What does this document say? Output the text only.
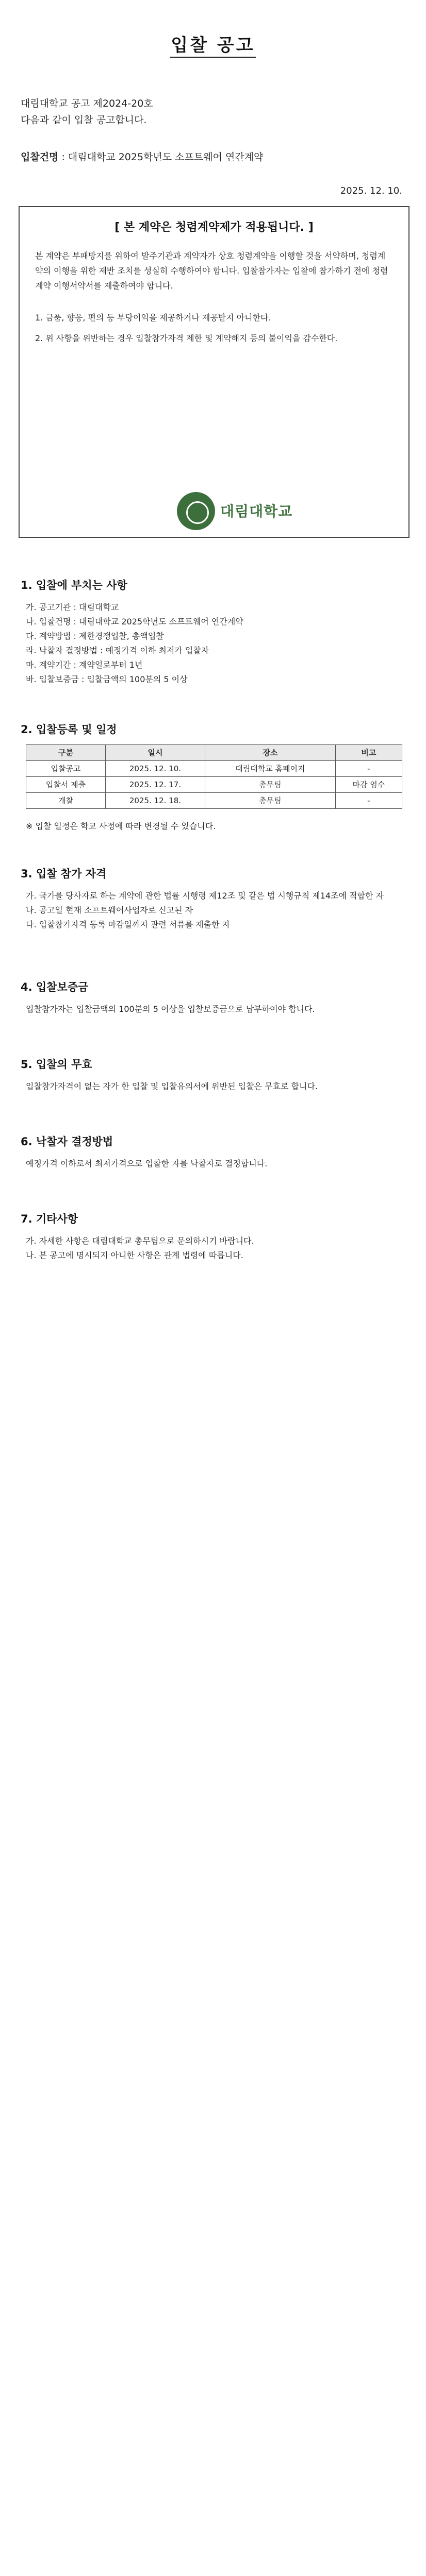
입찰 공고
대림대학교 공고 제2024-20호
다음과 같이 입찰 공고합니다.
입찰건명 : 대림대학교 2025학년도 소프트웨어 연간계약
2025. 12. 10.
[ 본 계약은 청렴계약제가 적용됩니다. ]
본 계약은 부패방지를 위하여 발주기관과 계약자가 상호 청렴계약을 이행할 것을 서약하며, 청렴계약의 이행을 위한 제반 조치를 성실히 수행하여야 합니다. 입찰참가자는 입찰에 참가하기 전에 청렴계약 이행서약서를 제출하여야 합니다.
1. 금품, 향응, 편의 등 부당이익을 제공하거나 제공받지 아니한다.
2. 위 사항을 위반하는 경우 입찰참가자격 제한 및 계약해지 등의 불이익을 감수한다.
대림대학교
1. 입찰에 부치는 사항
가. 공고기관 : 대림대학교
나. 입찰건명 : 대림대학교 2025학년도 소프트웨어 연간계약
다. 계약방법 : 제한경쟁입찰, 총액입찰
라. 낙찰자 결정방법 : 예정가격 이하 최저가 입찰자
마. 계약기간 : 계약일로부터 1년
바. 입찰보증금 : 입찰금액의 100분의 5 이상
2. 입찰등록 및 일정
구분	일시	장소	비고
입찰공고	2025. 12. 10.	대림대학교 홈페이지	-
입찰서 제출	2025. 12. 17.	총무팀	마감 엄수
개찰	2025. 12. 18.	총무팀	-
※ 입찰 일정은 학교 사정에 따라 변경될 수 있습니다.
3. 입찰 참가 자격
가. 국가를 당사자로 하는 계약에 관한 법률 시행령 제12조 및 같은 법 시행규칙 제14조에 적합한 자
나. 공고일 현재 소프트웨어사업자로 신고된 자
다. 입찰참가자격 등록 마감일까지 관련 서류를 제출한 자
4. 입찰보증금
입찰참가자는 입찰금액의 100분의 5 이상을 입찰보증금으로 납부하여야 합니다.
5. 입찰의 무효
입찰참가자격이 없는 자가 한 입찰 및 입찰유의서에 위반된 입찰은 무효로 합니다.
6. 낙찰자 결정방법
예정가격 이하로서 최저가격으로 입찰한 자를 낙찰자로 결정합니다.
7. 기타사항
가. 자세한 사항은 대림대학교 총무팀으로 문의하시기 바랍니다.
나. 본 공고에 명시되지 아니한 사항은 관계 법령에 따릅니다.
